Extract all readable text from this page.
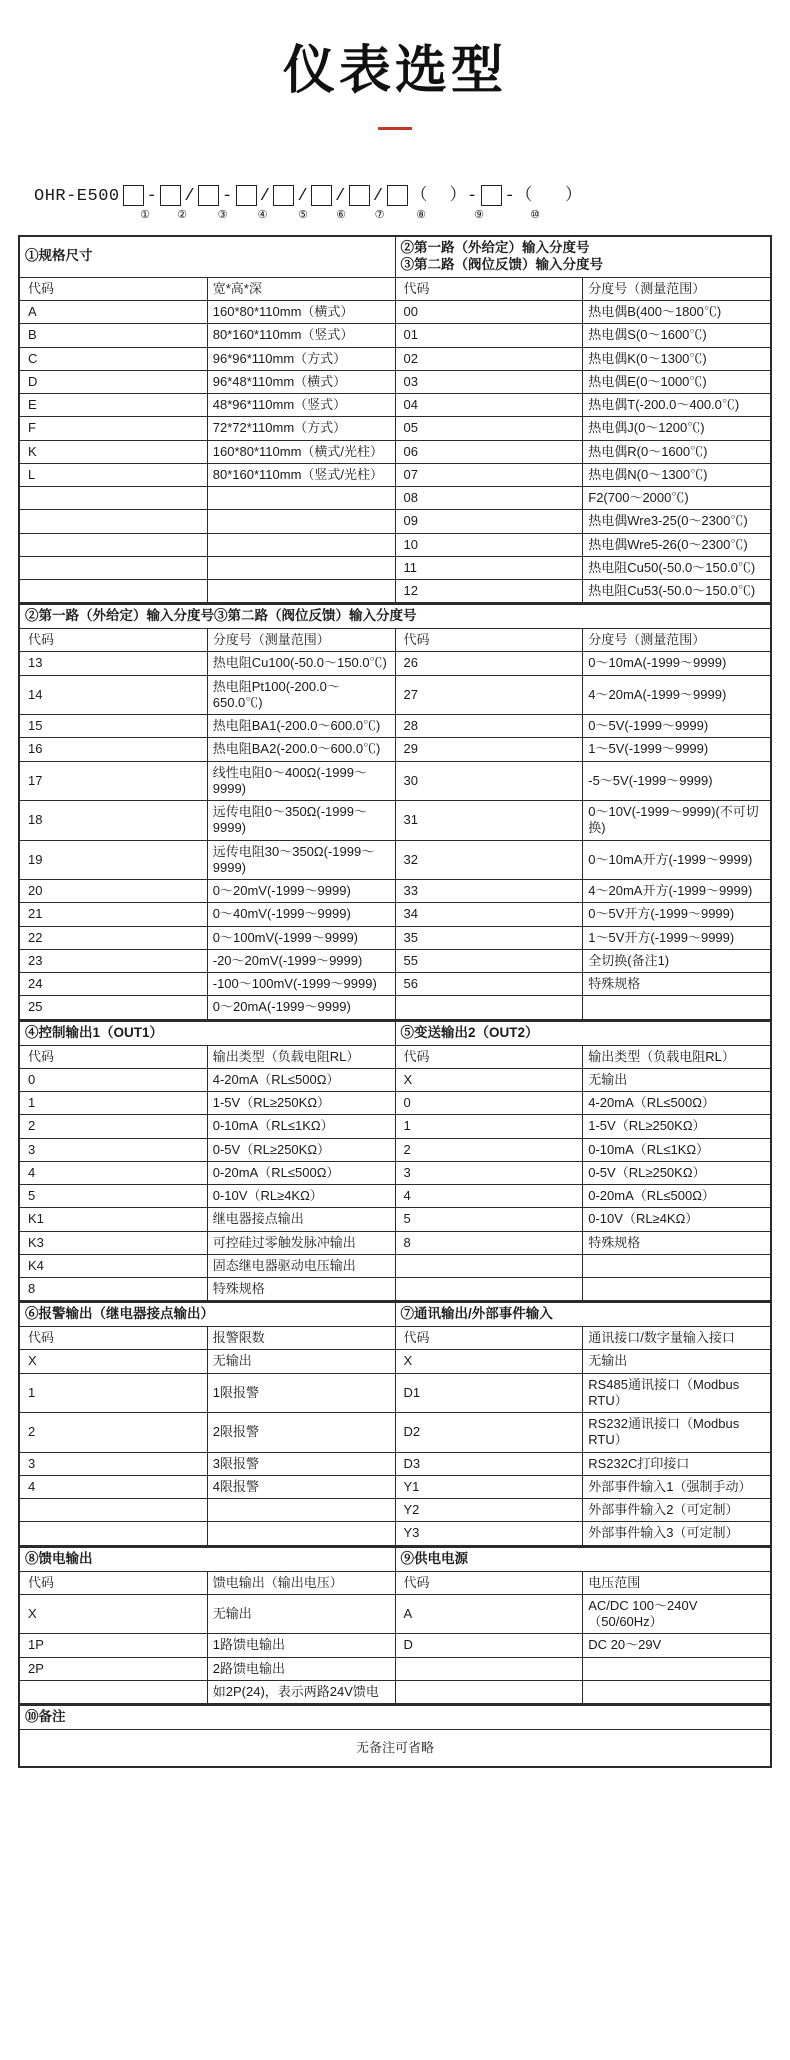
仪表选型
OHR-E500 - / - / / / / （  ）- -（   ）
①	②	③	④	⑤	⑥	⑦	⑧	⑨	⑩
①规格尺寸		②第一路（外给定）输入分度号
③第二路（阀位反馈）输入分度号	

代码	宽*高*深	代码	分度号（测量范围）
A	160*80*110mm（横式）	00	热电偶B(400～1800℃)
B	80*160*110mm（竖式）	01	热电偶S(0～1600℃)
C	96*96*110mm（方式）	02	热电偶K(0～1300℃)
D	96*48*110mm（横式）	03	热电偶E(0～1000℃)
E	48*96*110mm（竖式）	04	热电偶T(-200.0～400.0℃)
F	72*72*110mm（方式）	05	热电偶J(0～1200℃)
K	160*80*110mm（横式/光柱）	06	热电偶R(0～1600℃)
L	80*160*110mm（竖式/光柱）	07	热电偶N(0～1300℃)
		08	F2(700～2000℃)
		09	热电偶Wre3-25(0～2300℃)
		10	热电偶Wre5-26(0～2300℃)
		11	热电阻Cu50(-50.0～150.0℃)
		12	热电阻Cu53(-50.0～150.0℃)
②第一路（外给定）输入分度号③第二路（阀位反馈）输入分度号			
代码	分度号（测量范围）	代码	分度号（测量范围）
13	热电阻Cu100(-50.0～150.0℃)	26	0～10mA(-1999～9999)
14	热电阻Pt100(-200.0～650.0℃)	27	4～20mA(-1999～9999)
15	热电阻BA1(-200.0～600.0℃)	28	0～5V(-1999～9999)
16	热电阻BA2(-200.0～600.0℃)	29	1～5V(-1999～9999)
17	线性电阻0～400Ω(-1999～9999)	30	-5～5V(-1999～9999)
18	远传电阻0～350Ω(-1999～9999)	31	0～10V(-1999～9999)(不可切换)
19	远传电阻30～350Ω(-1999～9999)	32	0～10mA开方(-1999～9999)
20	0～20mV(-1999～9999)	33	4～20mA开方(-1999～9999)
21	0～40mV(-1999～9999)	34	0～5V开方(-1999～9999)
22	0～100mV(-1999～9999)	35	1～5V开方(-1999～9999)
23	-20～20mV(-1999～9999)	55	全切换(备注1)
24	-100～100mV(-1999～9999)	56	特殊规格
25	0～20mA(-1999～9999)		
④控制输出1（OUT1）		⑤变送输出2（OUT2）	
代码	输出类型（负载电阻RL）	代码	输出类型（负载电阻RL）
0	4-20mA（RL≤500Ω）	X	无输出
1	1-5V（RL≥250KΩ）	0	4-20mA（RL≤500Ω）
2	0-10mA（RL≤1KΩ）	1	1-5V（RL≥250KΩ）
3	0-5V（RL≥250KΩ）	2	0-10mA（RL≤1KΩ）
4	0-20mA（RL≤500Ω）	3	0-5V（RL≥250KΩ）
5	0-10V（RL≥4KΩ）	4	0-20mA（RL≤500Ω）
K1	继电器接点输出	5	0-10V（RL≥4KΩ）
K3	可控硅过零触发脉冲输出	8	特殊规格
K4	固态继电器驱动电压输出		
8	特殊规格		
⑥报警输出（继电器接点输出）		⑦通讯输出/外部事件输入	
代码	报警限数	代码	通讯接口/数字量输入接口
X	无输出	X	无输出
1	1限报警	D1	RS485通讯接口（Modbus RTU）
2	2限报警	D2	RS232通讯接口（Modbus RTU）
3	3限报警	D3	RS232C打印接口
4	4限报警	Y1	外部事件输入1（强制手动）
		Y2	外部事件输入2（可定制）
		Y3	外部事件输入3（可定制）
⑧馈电输出		⑨供电电源	
代码	馈电输出（输出电压）	代码	电压范围
X	无输出	A	AC/DC 100～240V（50/60Hz）
1P	1路馈电输出	D	DC 20～29V
2P	2路馈电输出		
	如2P(24)，表示两路24V馈电		
⑩备注
无备注可省略
